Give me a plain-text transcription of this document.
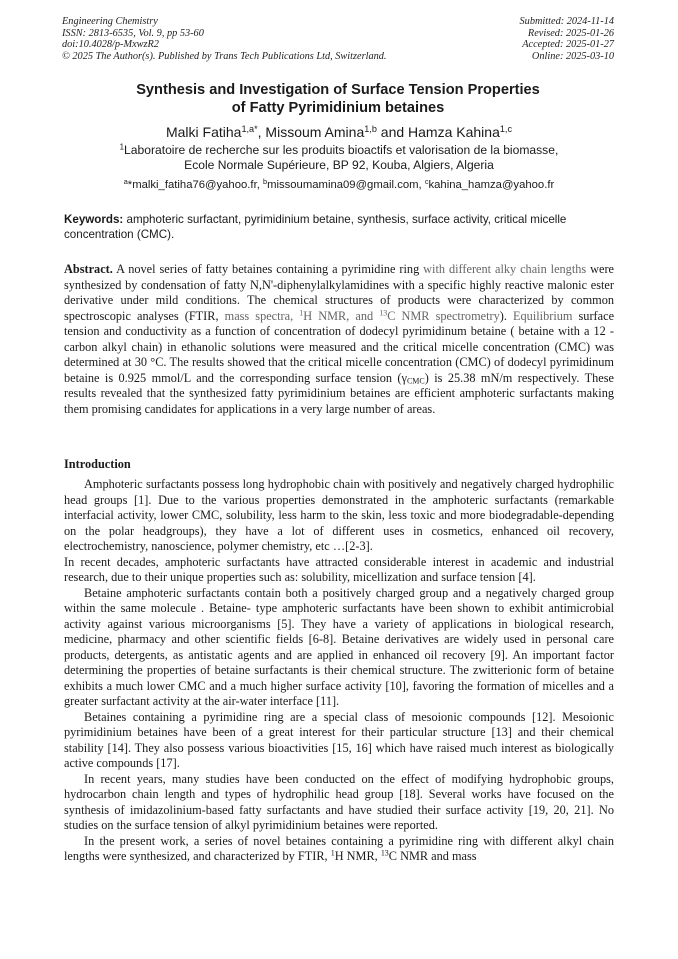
Engineering Chemistry
ISSN: 2813-6535, Vol. 9, pp 53-60
doi:10.4028/p-MxwzR2
© 2025 The Author(s). Published by Trans Tech Publications Ltd, Switzerland.
Submitted: 2024-11-14
Revised: 2025-01-26
Accepted: 2025-01-27
Online: 2025-03-10
Synthesis and Investigation of Surface Tension Properties
of Fatty Pyrimidinium betaines
Malki Fatiha$^{1,a*}$, Missoum Amina$^{1,b}$ and Hamza Kahina$^{1,c}$
$^1$Laboratoire de recherche sur les produits bioactifs et valorisation de la biomasse,
Ecole Normale Supérieure, BP 92, Kouba, Algiers, Algeria
$^a$*malki_fatiha76@yahoo.fr, $^b$missoumamina09@gmail.com, $^c$kahina_hamza@yahoo.fr
Keywords: amphoteric surfactant, pyrimidinium betaine, synthesis, surface activity, critical micelle concentration (CMC).
Abstract. A novel series of fatty betaines containing a pyrimidine ring with different alky chain lengths were synthesized by condensation of fatty N,N'-diphenylalkylamidines with a specific highly reactive malonic ester derivative under mild conditions. The chemical structures of products were characterized by common spectroscopic analyses (FTIR, mass spectra, $^1$H NMR, and $^{13}$C NMR spectrometry). Equilibrium surface tension and conductivity as a function of concentration of dodecyl pyrimidinum betaine ( betaine with a 12 -carbon alkyl chain) in ethanolic solutions were measured and the critical micelle concentration (CMC) was determined at 30 °C. The results showed that the critical micelle concentration (CMC) of dodecyl pyrimidinum betaine is 0.925 mmol/L and the corresponding surface tension $(\gamma_{CMC})$ is 25.38 mN/m respectively. These results revealed that the synthesized fatty pyrimidinium betaines are efficient amphoteric surfactants making them promising candidates for applications in a very large number of areas.
Introduction

Amphoteric surfactants possess long hydrophobic chain with positively and negatively charged hydrophilic head groups [1]. Due to the various properties demonstrated in the amphoteric surfactants (remarkable interfacial activity, lower CMC, solubility, less harm to the skin, less toxic and more biodegradable-depending on the polar headgroups), they have a lot of different uses in cosmetics, enhanced oil recovery, electrochemistry, nanoscience, polymer chemistry, etc …[2-3].

In recent decades, amphoteric surfactants have attracted considerable interest in academic and industrial research, due to their unique properties such as: solubility, micellization and surface tension [4].

Betaine amphoteric surfactants contain both a positively charged group and a negatively charged group within the same molecule . Betaine- type amphoteric surfactants have been shown to exhibit antimicrobial activity against various microorganisms [5]. They have a variety of applications in biological research, medicine, pharmacy and other scientific fields [6-8]. Betaine derivatives are widely used in personal care products, detergents, as antistatic agents and are applied in enhanced oil recovery [9]. An important factor determining the properties of betaine surfactants is their chemical structure. The zwitterionic form of betaine exhibits a much lower CMC and a much higher surface activity [10], favoring the formation of micelles and a greater surfactant activity at the air-water interface [11].

Betaines containing a pyrimidine ring are a special class of mesoionic compounds [12]. Mesoionic pyrimidinium betaines have been of a great interest for their particular structure [13] and their chemical stability [14]. They also possess various bioactivities [15, 16] which have raised much interest as biologically active compounds [17].

In recent years, many studies have been conducted on the effect of modifying hydrophobic groups, hydrocarbon chain length and types of hydrophilic head group [18]. Several works have focused on the synthesis of imidazolinium-based fatty surfactants and have studied their surface activity [19, 20, 21]. No studies on the surface tension of alkyl pyrimidinium betaines were reported.

In the present work, a series of novel betaines containing a pyrimidine ring with different alkyl chain lengths were synthesized, and characterized by FTIR, $^1$H NMR, $^{13}$C NMR and mass
